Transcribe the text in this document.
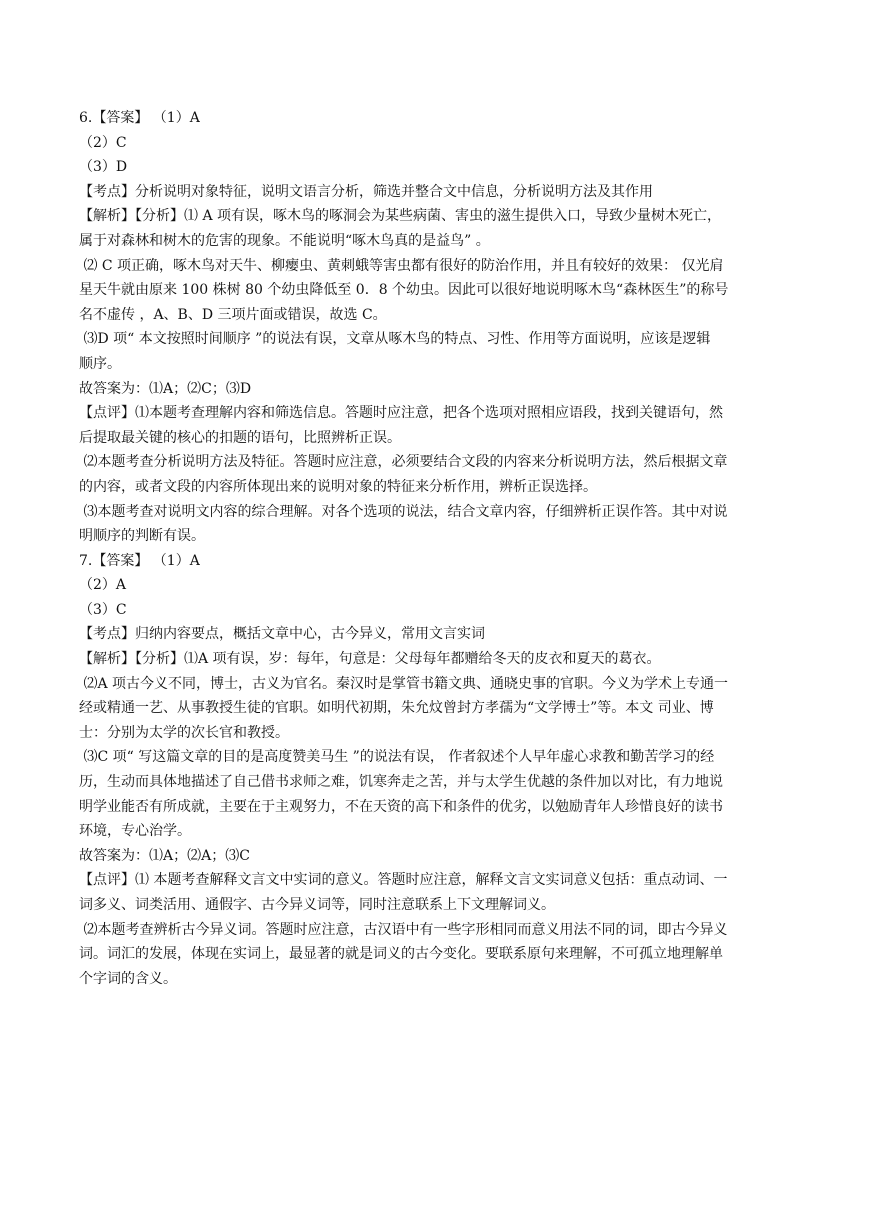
6.【答案】 （1）A

（2）C

（3）D

【考点】分析说明对象特征，说明文语言分析，筛选并整合文中信息，分析说明方法及其作用

【解析】【分析】⑴ A 项有误，啄木鸟的啄洞会为某些病菌、害虫的滋生提供入口，导致少量树木死亡，

属于对森林和树木的危害的现象。不能说明“啄木鸟真的是益鸟” 。

⑵ C 项正确，啄木鸟对天牛、柳瘿虫、黄刺蛾等害虫都有很好的防治作用，并且有较好的效果： 仅光肩

星天牛就由原来 100 株树 80 个幼虫降低至 0．8 个幼虫。因此可以很好地说明啄木鸟“森林医生”的称号

名不虚传 ，A、B、D 三项片面或错误，故选 C。

⑶D 项“ 本文按照时间顺序 ”的说法有误，文章从啄木鸟的特点、习性、作用等方面说明，应该是逻辑

顺序。

故答案为：⑴A；⑵C；⑶D

【点评】⑴本题考查理解内容和筛选信息。答题时应注意，把各个选项对照相应语段，找到关键语句，然

后提取最关键的核心的扣题的语句，比照辨析正误。

⑵本题考查分析说明方法及特征。答题时应注意，必须要结合文段的内容来分析说明方法，然后根据文章

的内容，或者文段的内容所体现出来的说明对象的特征来分析作用，辨析正误选择。

⑶本题考查对说明文内容的综合理解。对各个选项的说法，结合文章内容，仔细辨析正误作答。其中对说

明顺序的判断有误。

7.【答案】 （1）A

（2）A

（3）C

【考点】归纳内容要点，概括文章中心，古今异义，常用文言实词

【解析】【分析】⑴A 项有误，岁：每年，句意是：父母每年都赠给冬天的皮衣和夏天的葛衣。

⑵A 项古今义不同，博士，古义为官名。秦汉时是掌管书籍文典、通晓史事的官职。今义为学术上专通一

经或精通一艺、从事教授生徒的官职。如明代初期，朱允炆曾封方孝孺为“文学博士”等。本文 司业、博

士：分别为太学的次长官和教授。

⑶C 项“ 写这篇文章的目的是高度赞美马生 ”的说法有误， 作者叙述个人早年虚心求教和勤苦学习的经

历，生动而具体地描述了自己借书求师之难，饥寒奔走之苦，并与太学生优越的条件加以对比，有力地说

明学业能否有所成就，主要在于主观努力，不在天资的高下和条件的优劣，以勉励青年人珍惜良好的读书

环境，专心治学。

故答案为：⑴A；⑵A；⑶C

【点评】⑴ 本题考查解释文言文中实词的意义。答题时应注意，解释文言文实词意义包括：重点动词、一

词多义、词类活用、通假字、古今异义词等，同时注意联系上下文理解词义。

⑵本题考查辨析古今异义词。答题时应注意，古汉语中有一些字形相同而意义用法不同的词，即古今异义

词。词汇的发展，体现在实词上，最显著的就是词义的古今变化。要联系原句来理解，不可孤立地理解单

个字词的含义。
